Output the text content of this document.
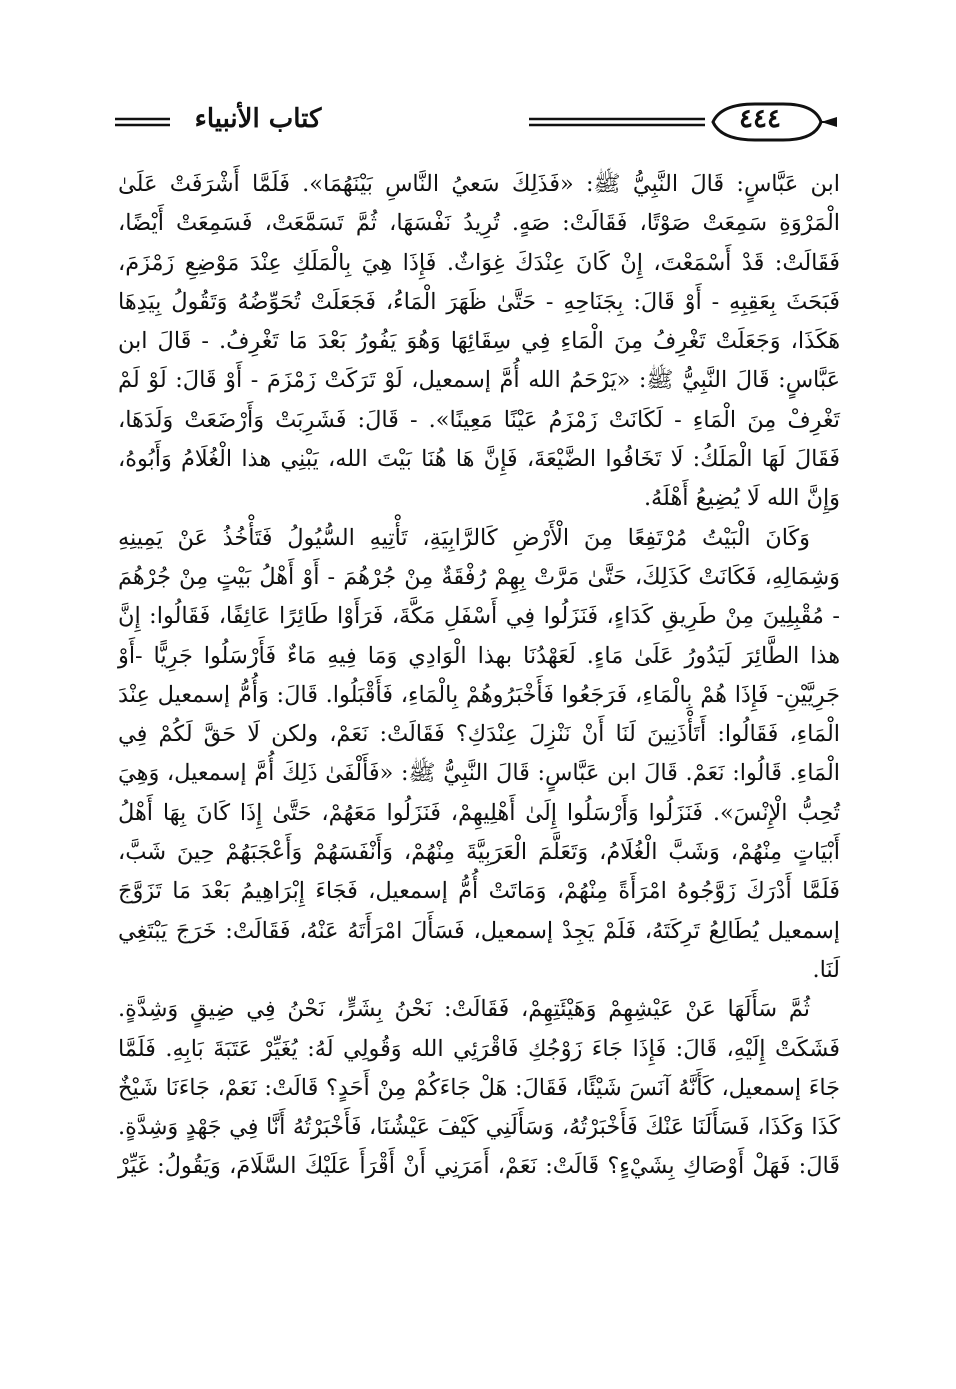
كتاب الأنبياء	٤٤٤

ابن عَبَّاسٍ: قَالَ النَّبِيُّ ﷺ: «فَذَلِكَ سَعيُ النَّاسِ بَيْنَهُمَا». فَلَمَّا أَشْرَفَتْ عَلَىٰ الْمَرْوَةِ سَمِعَتْ صَوْتًا، فَقَالَتْ: صَهٍ. تُرِيدُ نَفْسَهَا، ثُمَّ تَسَمَّعَتْ، فَسَمِعَتْ أَيْضًا، فَقَالَتْ: قَدْ أَسْمَعْتَ، إِنْ كَانَ عِنْدَكَ غِوَاثٌ. فَإِذَا هِيَ بِالْمَلَكِ عِنْدَ مَوْضِعِ زَمْزَمَ، فَبَحَثَ بِعَقِبِهِ - أَوْ قَالَ: بِجَنَاحِهِ - حَتَّىٰ ظَهَرَ الْمَاءُ، فَجَعَلَتْ تُحَوِّضُهُ وَتَقُولُ بِيَدِهَا هَكَذَا، وَجَعَلَتْ تَغْرِفُ مِنَ الْمَاءِ فِي سِقَائِهَا وَهُوَ يَفُورُ بَعْدَ مَا تَغْرِفُ. - قَالَ ابن عَبَّاسٍ: قَالَ النَّبِيُّ ﷺ: «يَرْحَمُ الله أُمَّ إسمعيل، لَوْ تَرَكَتْ زَمْزَمَ - أَوْ قَالَ: لَوْ لَمْ تَغْرِفْ مِنَ الْمَاءِ - لَكَانَتْ زَمْزَمُ عَيْنًا مَعِينًا». - قَالَ: فَشَرِبَتْ وَأَرْضَعَتْ وَلَدَهَا، فَقَالَ لَهَا الْمَلَكُ: لَا تَخَافُوا الضَّيْعَةَ، فَإِنَّ هَا هُنَا بَيْتَ الله، يَبْنِي هذا الْغُلَامُ وَأَبُوهُ، وَإِنَّ الله لَا يُضِيعُ أَهْلَهُ.

وَكَانَ الْبَيْتُ مُرْتَفِعًا مِنَ الْأَرْضِ كَالرَّابِيَةِ، تَأْتِيهِ السُّيُولُ فَتَأْخُذُ عَنْ يَمِينِهِ وَشِمَالِهِ، فَكَانَتْ كَذَلِكَ، حَتَّىٰ مَرَّتْ بِهِمْ رُفْقَةٌ مِنْ جُرْهُمَ - أَوْ أَهْلُ بَيْتٍ مِنْ جُرْهُمَ - مُقْبِلِينَ مِنْ طَرِيقِ كَدَاءٍ، فَنَزَلُوا فِي أَسْفَلِ مَكَّةَ، فَرَأَوْا طَائِرًا عَائِفًا، فَقَالُوا: إِنَّ هذا الطَّائِرَ لَيَدُورُ عَلَىٰ مَاءٍ. لَعَهْدُنَا بهذا الْوَادِي وَمَا فِيهِ مَاءٌ فَأَرْسَلُوا جَرِيًّا -أَوْ جَرِيَّيْنِ- فَإِذَا هُمْ بِالْمَاءِ، فَرَجَعُوا فَأَخْبَرُوهُمْ بِالْمَاءِ، فَأَقْبَلُوا. قَالَ: وَأُمُّ إسمعيل عِنْدَ الْمَاءِ، فَقَالُوا: أَتَأْذَنِينَ لَنَا أَنْ نَنْزِلَ عِنْدَكِ؟ فَقَالَتْ: نَعَمْ، ولكن لَا حَقَّ لَكُمْ فِي الْمَاءِ. قَالُوا: نَعَمْ. قَالَ ابن عَبَّاسٍ: قَالَ النَّبِيُّ ﷺ: «فَأَلْفَىٰ ذَلِكَ أُمَّ إسمعيل، وَهِيَ تُحِبُّ الْإِنْسَ». فَنَزَلُوا وَأَرْسَلُوا إِلَىٰ أَهْلِيهِمْ، فَنَزَلُوا مَعَهُمْ، حَتَّىٰ إِذَا كَانَ بِهَا أَهْلُ أَبْيَاتٍ مِنْهُمْ، وَشَبَّ الْغُلَامُ، وَتَعَلَّمَ الْعَرَبِيَّةَ مِنْهُمْ، وَأَنْفَسَهُمْ وَأَعْجَبَهُمْ حِينَ شَبَّ، فَلَمَّا أَدْرَكَ زَوَّجُوهُ امْرَأَةً مِنْهُمْ، وَمَاتَتْ أُمُّ إسمعيل، فَجَاءَ إِبْرَاهِيمُ بَعْدَ مَا تَزَوَّجَ إسمعيل يُطَالِعُ تَرِكَتَهُ، فَلَمْ يَجِدْ إسمعيل، فَسَأَلَ امْرَأَتَهُ عَنْهُ، فَقَالَتْ: خَرَجَ يَبْتَغِي لَنَا.

ثُمَّ سَأَلَهَا عَنْ عَيْشِهِمْ وَهَيْئَتِهِمْ، فَقَالَتْ: نَحْنُ بِشَرٍّ، نَحْنُ فِي ضِيقٍ وَشِدَّةٍ. فَشَكَتْ إِلَيْهِ، قَالَ: فَإِذَا جَاءَ زَوْجُكِ فَاقْرَئِي الله وَقُولِي لَهُ: يُغَيِّرْ عَتَبَةَ بَابِهِ. فَلَمَّا جَاءَ إسمعيل، كَأَنَّهُ آنَسَ شَيْئًا، فَقَالَ: هَلْ جَاءَكُمْ مِنْ أَحَدٍ؟ قَالَتْ: نَعَمْ، جَاءَنَا شَيْخٌ كَذَا وَكَذَا، فَسَأَلَنَا عَنْكَ فَأَخْبَرْتُهُ، وَسَأَلَنِي كَيْفَ عَيْشُنَا، فَأَخْبَرْتُهُ أَنَّا فِي جَهْدٍ وَشِدَّةٍ. قَالَ: فَهَلْ أَوْصَاكِ بِشَيْءٍ؟ قَالَتْ: نَعَمْ، أَمَرَنِي أَنْ أَقْرَأَ عَلَيْكَ السَّلَامَ، وَيَقُولُ: غَيِّرْ
